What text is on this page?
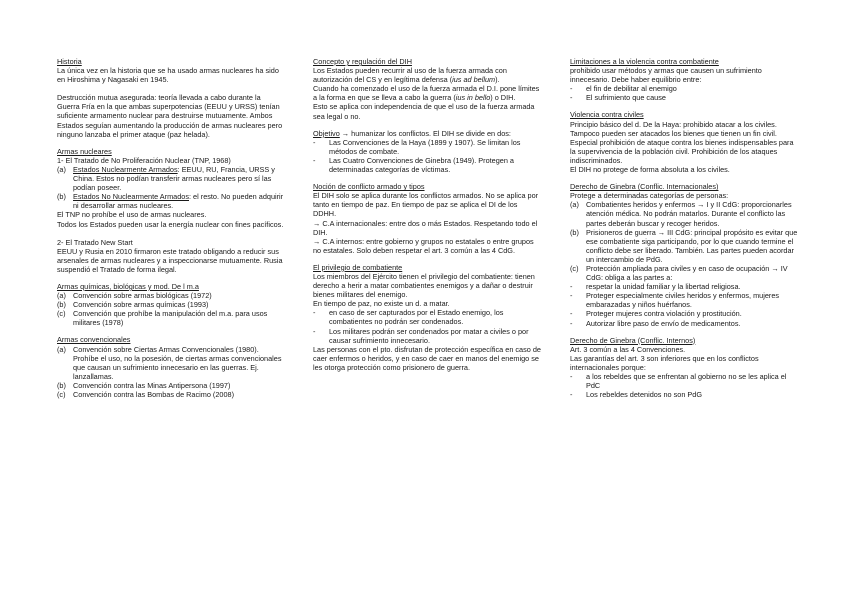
Historia

La única vez en la historia que se ha usado armas nucleares ha sido en Hiroshima y Nagasaki en 1945.

Destrucción mutua asegurada: teoría llevada a cabo durante la Guerra Fría en la que ambas superpotencias (EEUU y URSS) tenían suficiente armamento nuclear para destruirse mutuamente. Ambos Estados seguían aumentando la producción de armas nucleares pero ninguno lanzaba el primer ataque (paz helada).

Armas nucleares

1- El Tratado de No Proliferación Nuclear (TNP, 1968)

(a) Estados Nuclearmente Armados: EEUU, RU, Francia, URSS y China. Estos no podían transferir armas nucleares pero sí las podían poseer.
(b) Estados No Nuclearmente Armados: el resto. No pueden adquirir ni desarrollar armas nucleares.

El TNP no prohíbe el uso de armas nucleares.

Todos los Estados pueden usar la energía nuclear con fines pacíficos.

2- El Tratado New Start

EEUU y Rusia en 2010 firmaron este tratado obligando a reducir sus arsenales de armas nucleares y a inspeccionarse mutuamente. Rusia suspendió el Tratado de forma ilegal.

Armas químicas, biológicas y mod. De l m.a
(a) Convención sobre armas biológicas (1972)
(b) Convención sobre armas químicas (1993)
(c) Convención que prohíbe la manipulación del m.a. para usos militares (1978)
Armas convencionales
(a) Convención sobre Ciertas Armas Convencionales (1980). Prohíbe el uso, no la posesión, de ciertas armas convencionales que causan un sufrimiento innecesario en las guerras. Ej. lanzallamas.
(b) Convención contra las Minas Antipersona (1997)
(c) Convención contra las Bombas de Racimo (2008)
Concepto y regulación del DIH

Los Estados pueden recurrir al uso de la fuerza armada con autorización del CS y en legítima defensa (ius ad bellum).

Cuando ha comenzado el uso de la fuerza armada el D.I. pone límites a la forma en que se lleva a cabo la guerra (ius in bello) o DIH.

Esto se aplica con independencia de que el uso de la fuerza armada sea legal o no.

Objetivo → humanizar los conflictos. El DIH se divide en dos:

- Las Convenciones de la Haya (1899 y 1907). Se limitan los métodos de combate.
- Las Cuatro Convenciones de Ginebra (1949). Protegen a determinadas categorías de víctimas.
Noción de conflicto armado y tipos

El DIH solo se aplica durante los conflictos armados. No se aplica por tanto en tiempo de paz. En tiempo de paz se aplica el DI de los DDHH.

→ C.A internacionales: entre dos o más Estados. Respetando todo el DIH.

→ C.A internos: entre gobierno y grupos no estatales o entre grupos no estatales. Solo deben respetar el art. 3 común a las 4 CdG.

El privilegio de combatiente

Los miembros del Ejército tienen el privilegio del combatiente: tienen derecho a herir a matar combatientes enemigos y a dañar o destruir bienes militares del enemigo.

En tiempo de paz, no existe un d. a matar.

- en caso de ser capturados por el Estado enemigo, los combatientes no podrán ser condenados.
- Los militares podrán ser condenados por matar a civiles o por causar sufrimiento innecesario.

Las personas con el pto. disfrutan de protección específica en caso de caer enfermos o heridos, y en caso de caer en manos del enemigo se les otorga protección como prisionero de guerra.

Limitaciones a la violencia contra combatiente

prohibido usar métodos y armas que causen un sufrimiento innecesario. Debe haber equilibrio entre:

- el fin de debilitar al enemigo
- El sufrimiento que cause
Violencia contra civiles

Principio básico del d. De la Haya: prohibido atacar a los civiles.

Tampoco pueden ser atacados los bienes que tienen un fin civil. Especial prohibición de ataque contra los bienes indispensables para la supervivencia de la población civil. Prohibición de los ataques indiscriminados.

El DIH no protege de forma absoluta a los civiles.

Derecho de Ginebra (Conflic. Internacionales)

Protege a determinadas categorías de personas:

(a) Combatientes heridos y enfermos → I y II CdG: proporcionarles atención médica. No podrán matarlos. Durante el conflicto las partes deberán buscar y recoger heridos.
(b) Prisioneros de guerra → III CdG: principal propósito es evitar que ese combatiente siga participando, por lo que cuando termine el conflicto debe ser liberado. También. Las partes pueden acordar un intercambio de PdG.
(c) Protección ampliada para civiles y en caso de ocupación → IV CdG: obliga a las partes a:
- respetar la unidad familiar y la libertad religiosa.
- Proteger especialmente civiles heridos y enfermos, mujeres embarazadas y niños huérfanos.
- Proteger mujeres contra violación y prostitución.
- Autorizar libre paso de envío de medicamentos.
Derecho de Ginebra (Conflic. Internos)

Art. 3 común a las 4 Convenciones.

Las garantías del art. 3 son inferiores que en los conflictos internacionales porque:

- a los rebeldes que se enfrentan al gobierno no se les aplica el PdC
- Los rebeldes detenidos no son PdG
